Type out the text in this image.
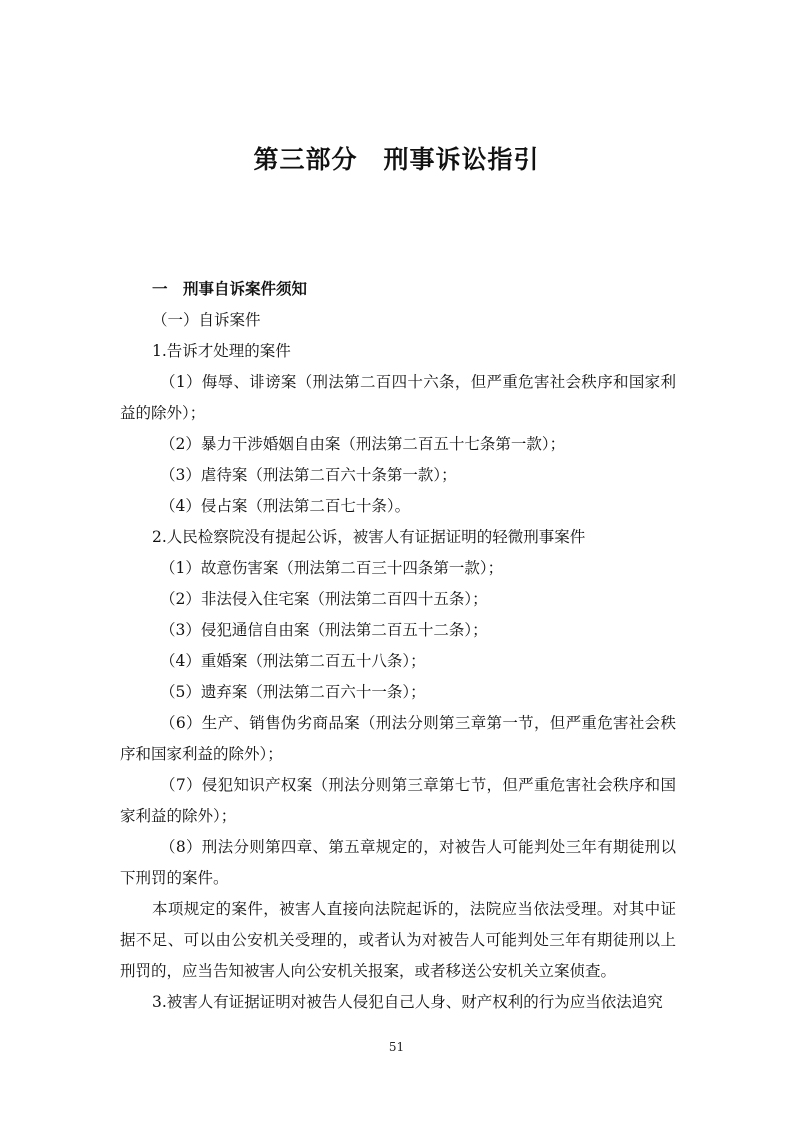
第三部分　刑事诉讼指引

一　刑事自诉案件须知

（一）自诉案件

1.告诉才处理的案件

（1）侮辱、诽谤案（刑法第二百四十六条，但严重危害社会秩序和国家利益的除外）；

（2）暴力干涉婚姻自由案（刑法第二百五十七条第一款）；

（3）虐待案（刑法第二百六十条第一款）；

（4）侵占案（刑法第二百七十条）。

2.人民检察院没有提起公诉，被害人有证据证明的轻微刑事案件

（1）故意伤害案（刑法第二百三十四条第一款）；

（2）非法侵入住宅案（刑法第二百四十五条）；

（3）侵犯通信自由案（刑法第二百五十二条）；

（4）重婚案（刑法第二百五十八条）；

（5）遗弃案（刑法第二百六十一条）；

（6）生产、销售伪劣商品案（刑法分则第三章第一节，但严重危害社会秩序和国家利益的除外）；

（7）侵犯知识产权案（刑法分则第三章第七节，但严重危害社会秩序和国家利益的除外）；

（8）刑法分则第四章、第五章规定的，对被告人可能判处三年有期徒刑以下刑罚的案件。

本项规定的案件，被害人直接向法院起诉的，法院应当依法受理。对其中证据不足、可以由公安机关受理的，或者认为对被告人可能判处三年有期徒刑以上刑罚的，应当告知被害人向公安机关报案，或者移送公安机关立案侦查。

3.被害人有证据证明对被告人侵犯自己人身、财产权利的行为应当依法追究

51
